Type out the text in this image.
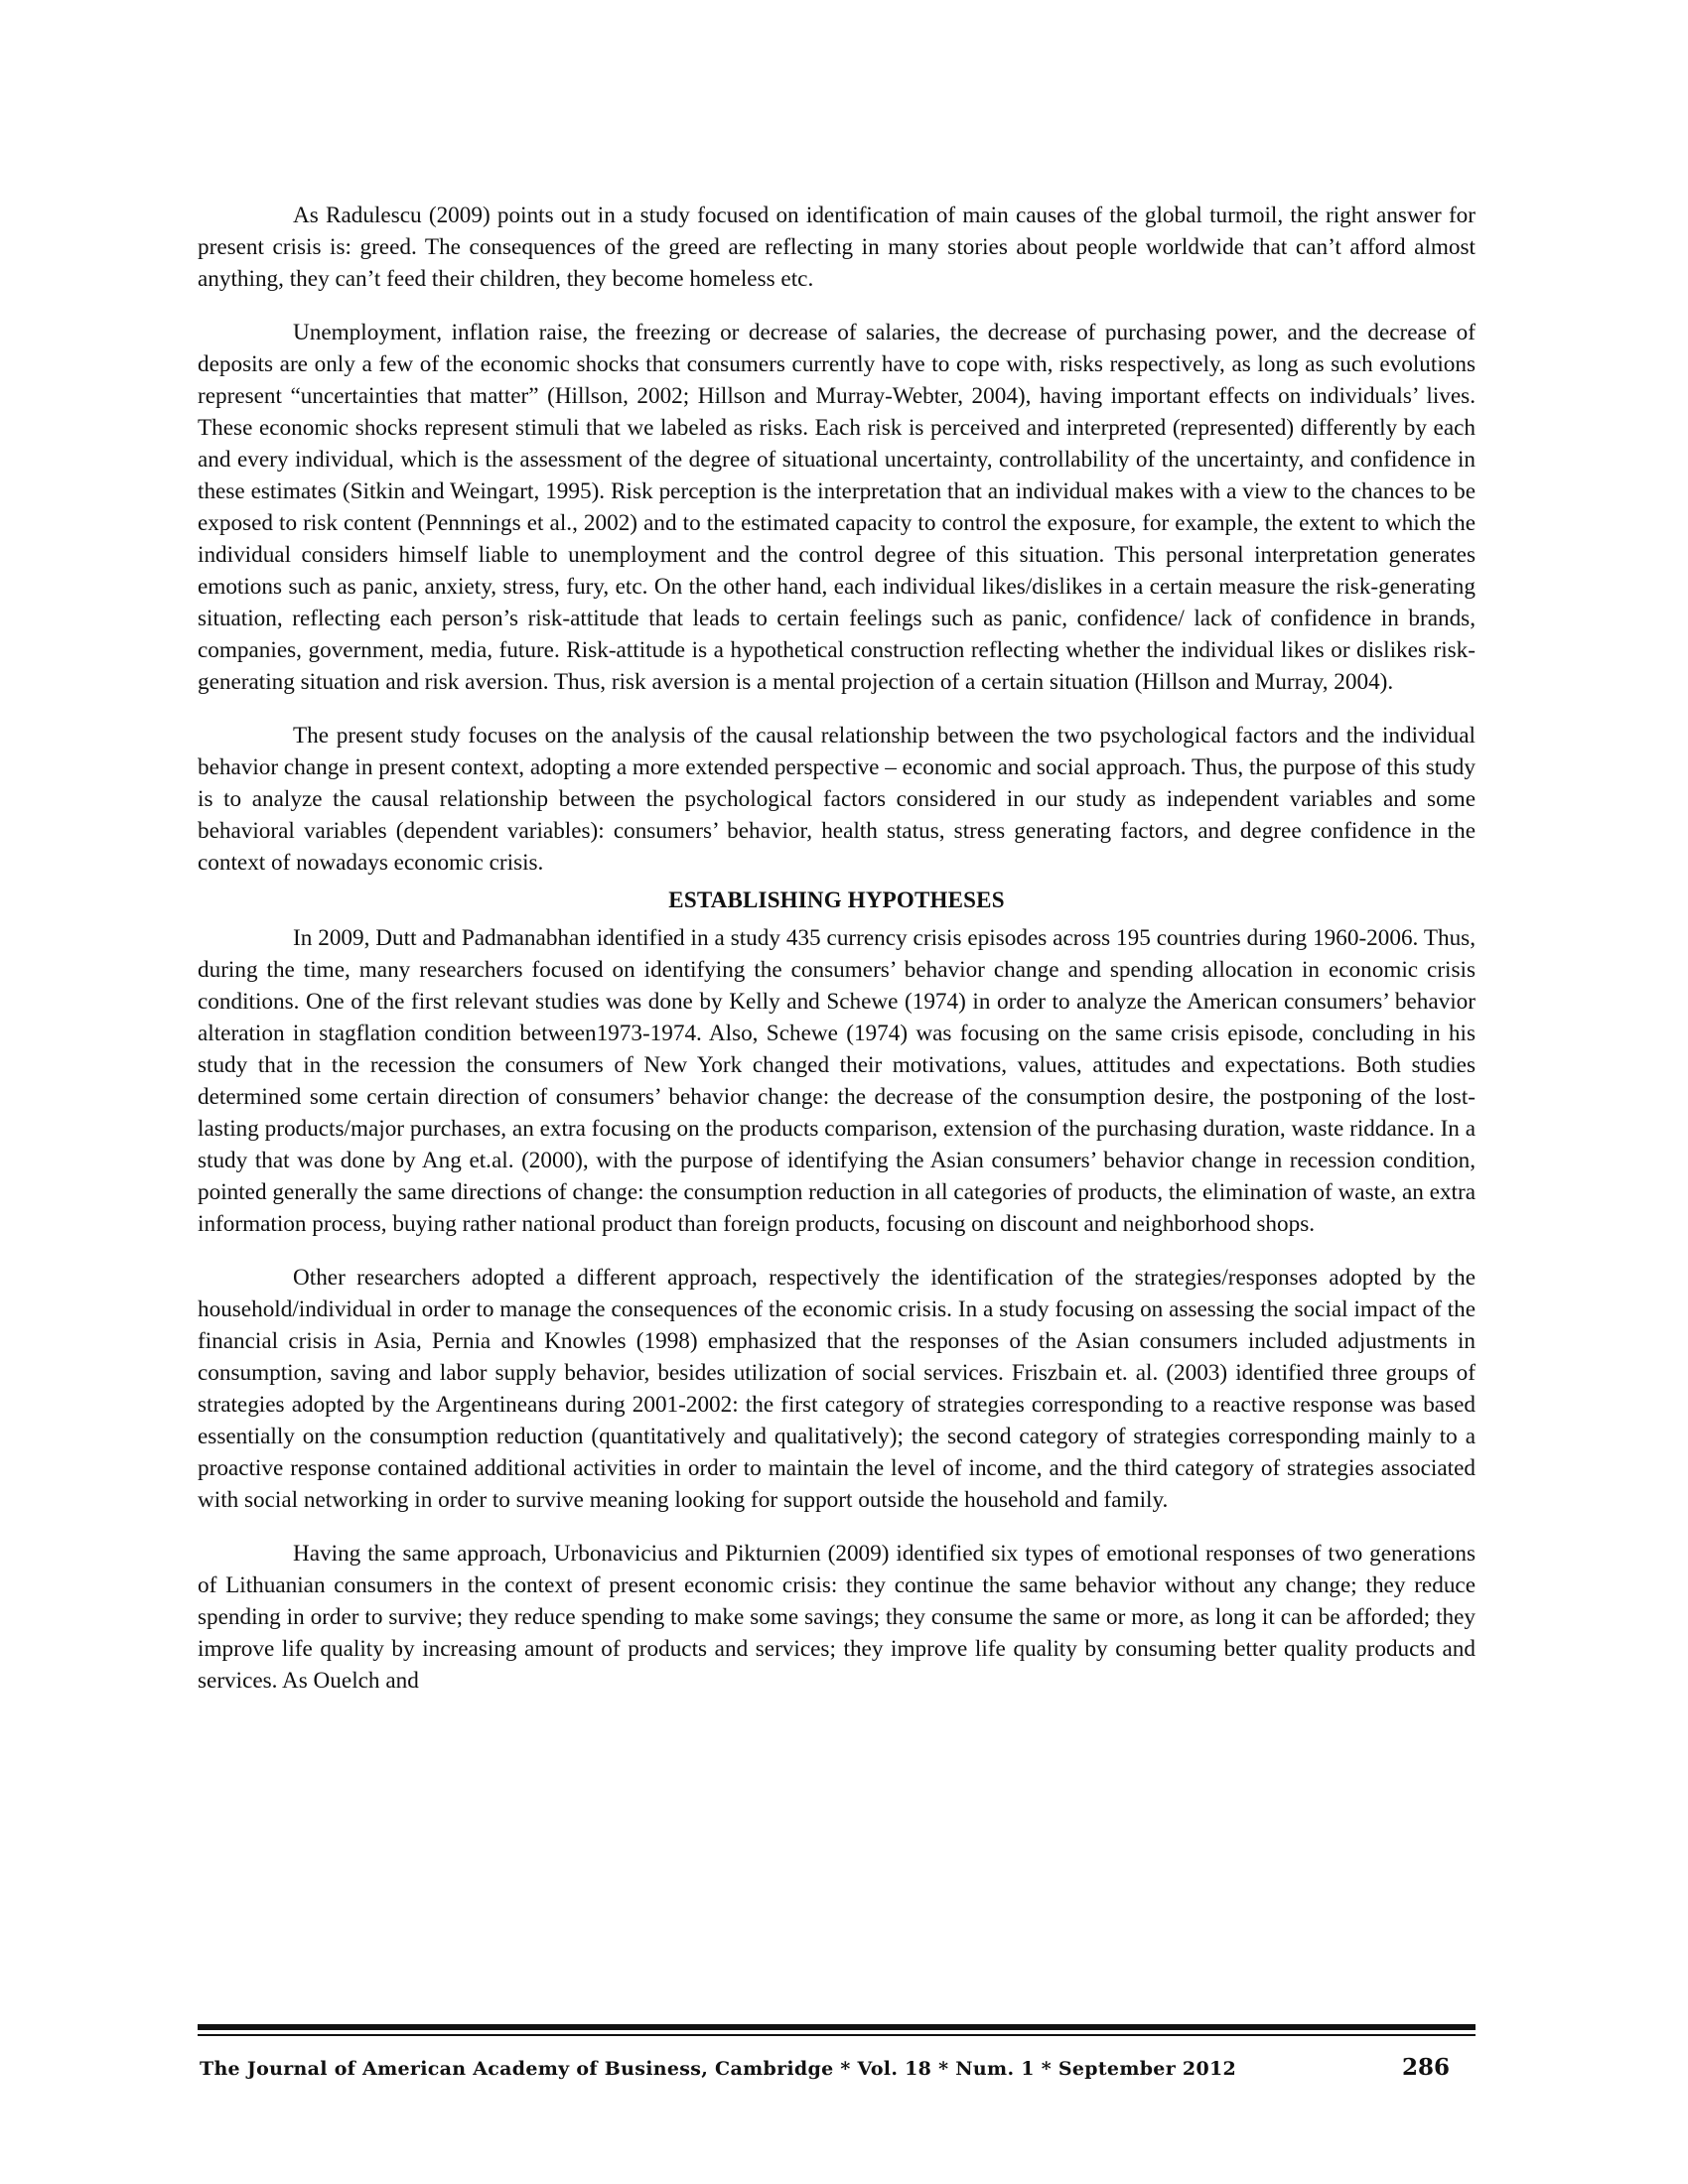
As Radulescu (2009) points out in a study focused on identification of main causes of the global turmoil, the right answer for present crisis is: greed. The consequences of the greed are reflecting in many stories about people worldwide that can’t afford almost anything, they can’t feed their children, they become homeless etc.

Unemployment, inflation raise, the freezing or decrease of salaries, the decrease of purchasing power, and the decrease of deposits are only a few of the economic shocks that consumers currently have to cope with, risks respectively, as long as such evolutions represent “uncertainties that matter” (Hillson, 2002; Hillson and Murray-Webter, 2004), having important effects on individuals’ lives. These economic shocks represent stimuli that we labeled as risks. Each risk is perceived and interpreted (represented) differently by each and every individual, which is the assessment of the degree of situational uncertainty, controllability of the uncertainty, and confidence in these estimates (Sitkin and Weingart, 1995). Risk perception is the interpretation that an individual makes with a view to the chances to be exposed to risk content (Pennnings et al., 2002) and to the estimated capacity to control the exposure, for example, the extent to which the individual considers himself liable to unemployment and the control degree of this situation. This personal interpretation generates emotions such as panic, anxiety, stress, fury, etc. On the other hand, each individual likes/dislikes in a certain measure the risk-generating situation, reflecting each person’s risk-attitude that leads to certain feelings such as panic, confidence/ lack of confidence in brands, companies, government, media, future. Risk-attitude is a hypothetical construction reflecting whether the individual likes or dislikes risk-generating situation and risk aversion. Thus, risk aversion is a mental projection of a certain situation (Hillson and Murray, 2004).

The present study focuses on the analysis of the causal relationship between the two psychological factors and the individual behavior change in present context, adopting a more extended perspective – economic and social approach. Thus, the purpose of this study is to analyze the causal relationship between the psychological factors considered in our study as independent variables and some behavioral variables (dependent variables): consumers’ behavior, health status, stress generating factors, and degree confidence in the context of nowadays economic crisis.

ESTABLISHING HYPOTHESES

In 2009, Dutt and Padmanabhan identified in a study 435 currency crisis episodes across 195 countries during 1960-2006. Thus, during the time, many researchers focused on identifying the consumers’ behavior change and spending allocation in economic crisis conditions. One of the first relevant studies was done by Kelly and Schewe (1974) in order to analyze the American consumers’ behavior alteration in stagflation condition between1973-1974. Also, Schewe (1974) was focusing on the same crisis episode, concluding in his study that in the recession the consumers of New York changed their motivations, values, attitudes and expectations. Both studies determined some certain direction of consumers’ behavior change: the decrease of the consumption desire, the postponing of the lost-lasting products/major purchases, an extra focusing on the products comparison, extension of the purchasing duration, waste riddance. In a study that was done by Ang et.al. (2000), with the purpose of identifying the Asian consumers’ behavior change in recession condition, pointed generally the same directions of change: the consumption reduction in all categories of products, the elimination of waste, an extra information process, buying rather national product than foreign products, focusing on discount and neighborhood shops.

Other researchers adopted a different approach, respectively the identification of the strategies/responses adopted by the household/individual in order to manage the consequences of the economic crisis. In a study focusing on assessing the social impact of the financial crisis in Asia, Pernia and Knowles (1998) emphasized that the responses of the Asian consumers included adjustments in consumption, saving and labor supply behavior, besides utilization of social services. Friszbain et. al. (2003) identified three groups of strategies adopted by the Argentineans during 2001-2002: the first category of strategies corresponding to a reactive response was based essentially on the consumption reduction (quantitatively and qualitatively); the second category of strategies corresponding mainly to a proactive response contained additional activities in order to maintain the level of income, and the third category of strategies associated with social networking in order to survive meaning looking for support outside the household and family.

Having the same approach, Urbonavicius and Pikturnien (2009) identified six types of emotional responses of two generations of Lithuanian consumers in the context of present economic crisis: they continue the same behavior without any change; they reduce spending in order to survive; they reduce spending to make some savings; they consume the same or more, as long it can be afforded; they improve life quality by increasing amount of products and services; they improve life quality by consuming better quality products and services. As Ouelch and

The Journal of American Academy of Business, Cambridge * Vol. 18 * Num. 1 * September 2012	286
